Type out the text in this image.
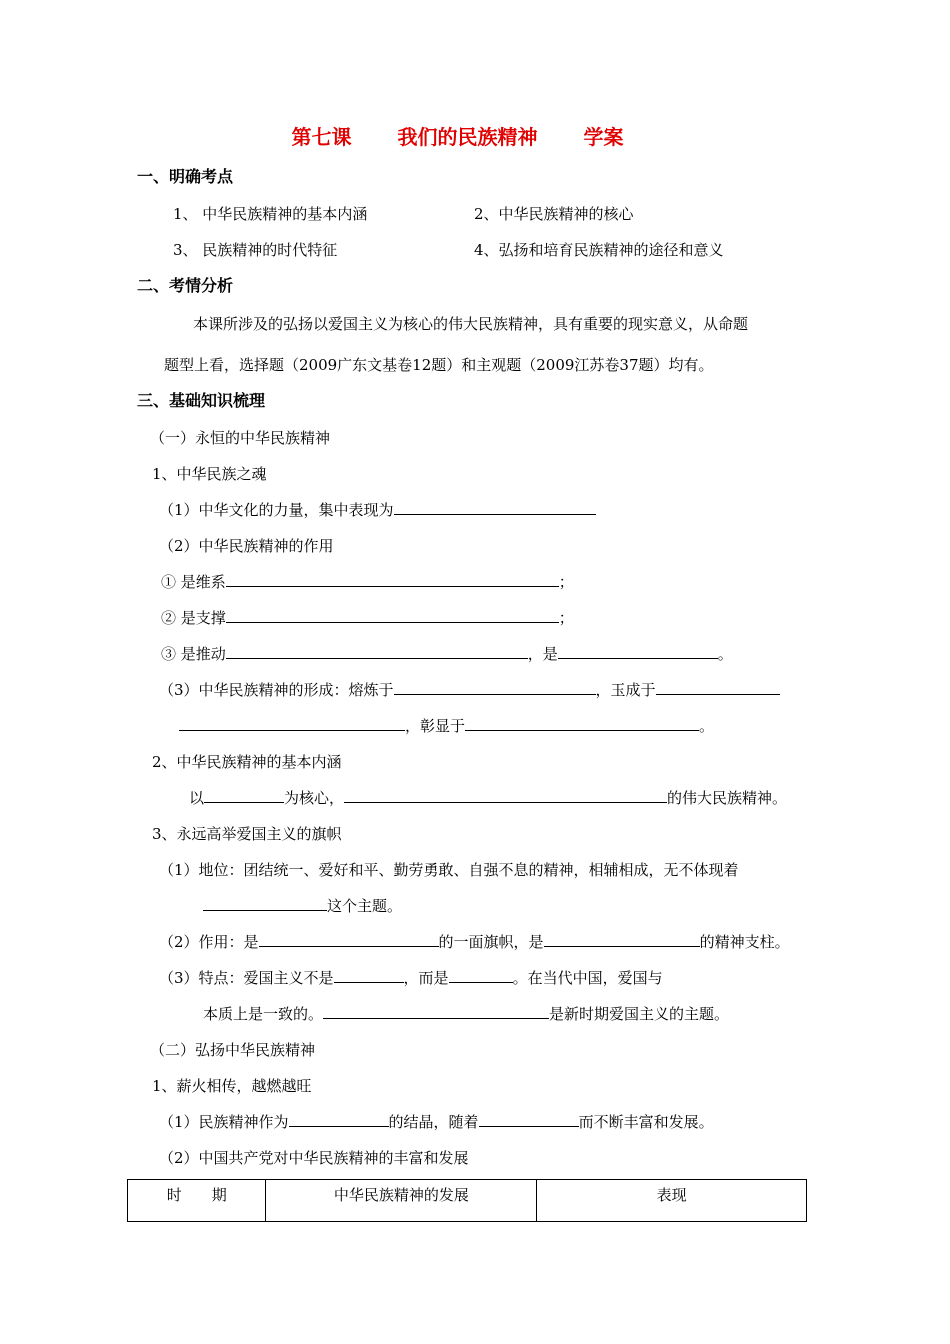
第七课 我们的民族精神 学案
一、明确考点
1、 中华民族精神的基本内涵	2、中华民族精神的核心
3、 民族精神的时代特征	4、弘扬和培育民族精神的途径和意义
二、考情分析
本课所涉及的弘扬以爱国主义为核心的伟大民族精神，具有重要的现实意义，从命题
题型上看，选择题（2009广东文基卷12题）和主观题（2009江苏卷37题）均有。
三、基础知识梳理
（一）永恒的中华民族精神
1、中华民族之魂
（1）中华文化的力量，集中表现为
（2）中华民族精神的作用
① 是维系	；
② 是支撑	；
③ 是推动	，是	。
（3）中华民族精神的形成：熔炼于	，玉成于
，彰显于	。
2、中华民族精神的基本内涵
以	为核心，	的伟大民族精神。
3、永远高举爱国主义的旗帜
（1）地位：团结统一、爱好和平、勤劳勇敢、自强不息的精神，相辅相成，无不体现着
这个主题。
（2）作用：是	的一面旗帜，是	的精神支柱。
（3）特点：爱国主义不是	，而是	。在当代中国，爱国与
本质上是一致的。	是新时期爱国主义的主题。
（二）弘扬中华民族精神
1、薪火相传，越燃越旺
（1）民族精神作为	的结晶，随着	而不断丰富和发展。
（2）中国共产党对中华民族精神的丰富和发展
时　　期	中华民族精神的发展	表现
